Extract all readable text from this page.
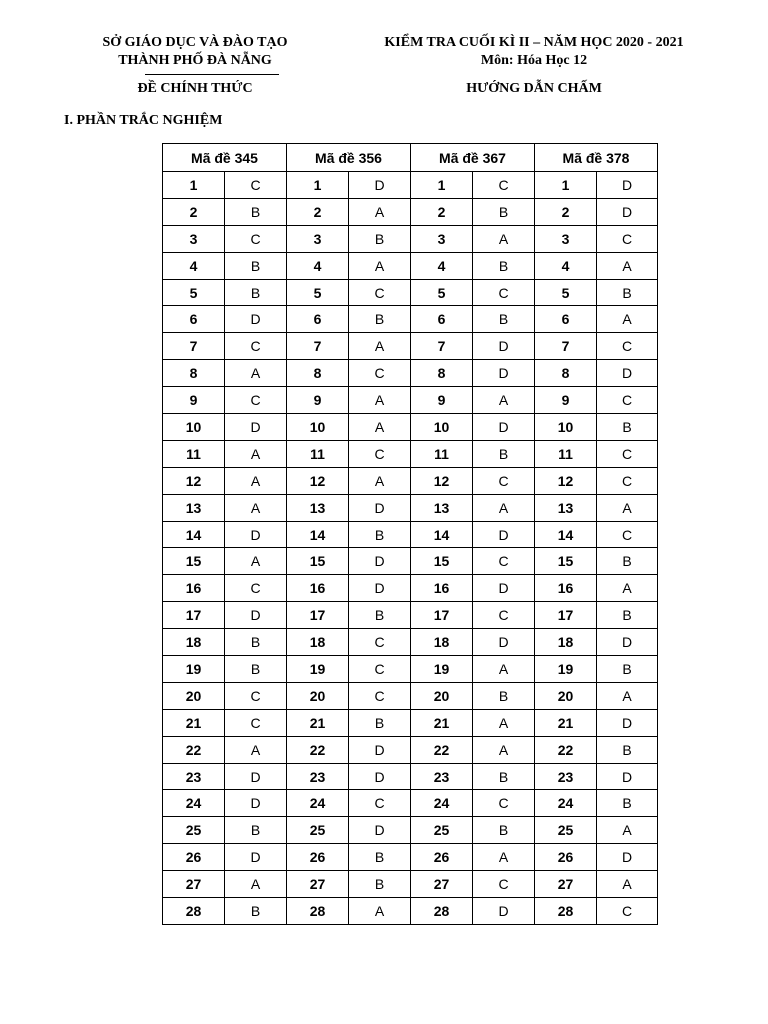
SỞ GIÁO DỤC VÀ ĐÀO TẠO
THÀNH PHỐ ĐÀ NẴNG
ĐỀ CHÍNH THỨC
KIỂM TRA CUỐI KÌ II – NĂM HỌC 2020 - 2021
Môn: Hóa Học 12
HƯỚNG DẪN CHẤM
I. PHẦN TRẮC NGHIỆM
Mã đề 345		Mã đề 356		Mã đề 367		Mã đề 378	
1	C	1	D	1	C	1	D
2	B	2	A	2	B	2	D
3	C	3	B	3	A	3	C
4	B	4	A	4	B	4	A
5	B	5	C	5	C	5	B
6	D	6	B	6	B	6	A
7	C	7	A	7	D	7	C
8	A	8	C	8	D	8	D
9	C	9	A	9	A	9	C
10	D	10	A	10	D	10	B
11	A	11	C	11	B	11	C
12	A	12	A	12	C	12	C
13	A	13	D	13	A	13	A
14	D	14	B	14	D	14	C
15	A	15	D	15	C	15	B
16	C	16	D	16	D	16	A
17	D	17	B	17	C	17	B
18	B	18	C	18	D	18	D
19	B	19	C	19	A	19	B
20	C	20	C	20	B	20	A
21	C	21	B	21	A	21	D
22	A	22	D	22	A	22	B
23	D	23	D	23	B	23	D
24	D	24	C	24	C	24	B
25	B	25	D	25	B	25	A
26	D	26	B	26	A	26	D
27	A	27	B	27	C	27	A
28	B	28	A	28	D	28	C
